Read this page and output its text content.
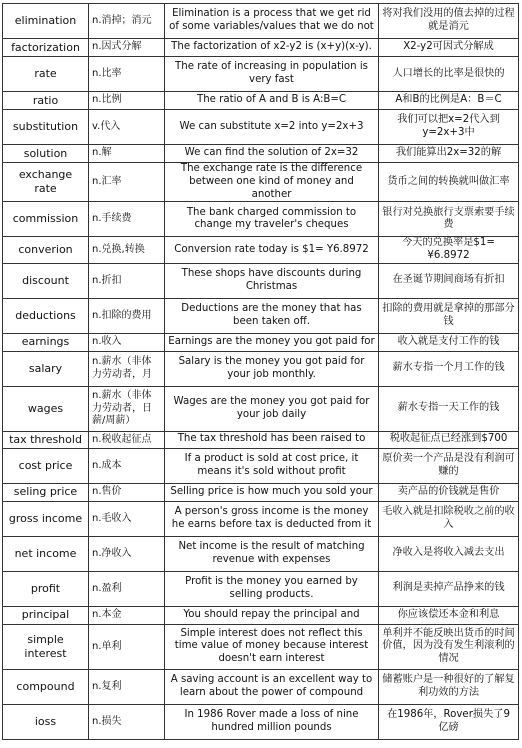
elimination	n.消掉；消元	Elimination is a process that we get rid of some variables/values that we do not	将对我们没用的值去掉的过程就是消元
factorization	n.因式分解	The factorization of x2-y2 is (x+y)(x-y).	X2-y2可因式分解成
rate	n.比率	The rate of increasing in population is very fast	人口增长的比率是很快的
ratio	n.比例	The ratio of A and B is A:B=C	A和B的比例是A：B＝C
substitution	v.代入	We can substitute x=2 into y=2x+3	我们可以把x=2代入到y=2x+3中
solution	n.解	We can find the solution of 2x=32	我们能算出2x=32的解
exchange rate	n.汇率	The exchange rate is the difference between one kind of money and another	货币之间的转换就叫做汇率
commission	n.手续费	The bank charged commission to change my traveler's cheques	银行对兑换旅行支票索要手续费
converion	n.兑换,转换	Conversion rate today is $1= Y6.8972	今天的兑换率是$1= ¥6.8972
discount	n.折扣	These shops have discounts during Christmas	在圣诞节期间商场有折扣
deductions	n.扣除的费用	Deductions are the money that has been taken off.	扣除的费用就是拿掉的那部分钱
earnings	n.收入	Earnings are the money you got paid for	收入就是支付工作的钱
salary	n.薪水（非体力劳动者，月	Salary is the money you got paid for your job monthly.	薪水专指一个月工作的钱
wages	n.薪水（非体力劳动者，日薪/周薪）	Wages are the money you got paid for your job daily	薪水专指一天工作的钱
tax threshold	n.税收起征点	The tax threshold has been raised to	税收起征点已经涨到$700
cost price	n.成本	If a product is sold at cost price, it means it's sold without profit	原价卖一个产品是没有利润可赚的
seling price	n.售价	Selling price is how much you sold your	卖产品的价钱就是售价
gross income	n.毛收入	A person's gross income is the money he earns before tax is deducted from it	毛收入就是扣除税收之前的收入
net income	n.净收入	Net income is the result of matching revenue with expenses	净收入是将收入减去支出
profit	n.盈利	Profit is the money you earned by selling products.	利润是卖掉产品挣来的钱
principal	n.本金	You should repay the principal and	你应该偿还本金和利息
simple interest	n.单利	Simple interest does not reflect this time value of money because interest doesn't earn interest	单利并不能反映出货币的时间价值，因为没有发生利滚利的情况
compound	n.复利	A saving account is an excellent way to learn about the power of compound	储蓄账户是一种很好的了解复利功效的方法
ioss	n.损失	In 1986 Rover made a loss of nine hundred million pounds	在1986年，Rover损失了9亿磅
